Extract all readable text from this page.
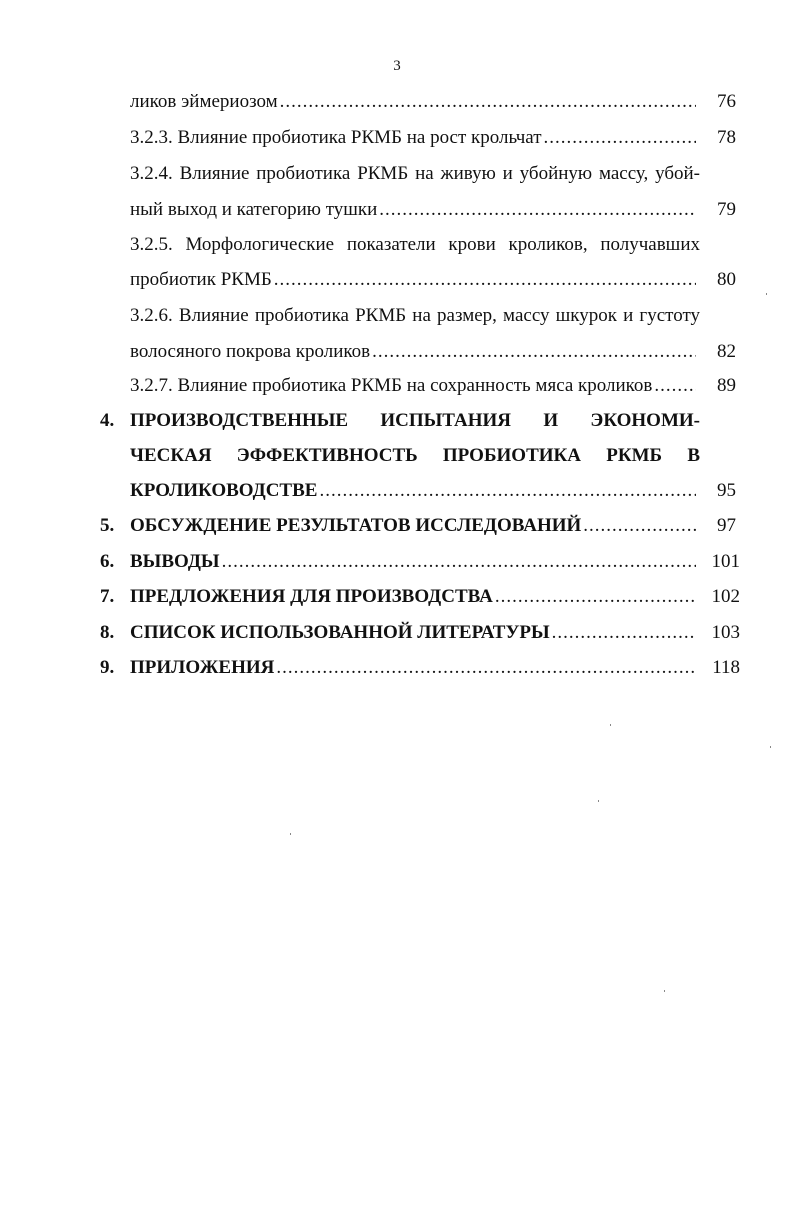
3
ликов эймериозом .....	76
3.2.3. Влияние пробиотика РКМБ на рост крольчат .....	78
3.2.4. Влияние пробиотика РКМБ на живую и убойную массу, убой-
ный выход и категорию тушки .....	79
3.2.5. Морфологические показатели крови кроликов, получавших
пробиотик РКМБ .....	80
3.2.6. Влияние пробиотика РКМБ на размер, массу шкурок и густоту
волосяного покрова кроликов .....	82
3.2.7. Влияние пробиотика РКМБ на сохранность мяса кроликов .....	89
4. ПРОИЗВОДСТВЕННЫЕ ИСПЫТАНИЯ И ЭКОНОМИ-
ЧЕСКАЯ ЭФФЕКТИВНОСТЬ ПРОБИОТИКА РКМБ В
КРОЛИКОВОДСТВЕ .....	95
5. ОБСУЖДЕНИЕ РЕЗУЛЬТАТОВ ИССЛЕДОВАНИЙ .....	97
6. ВЫВОДЫ .....	101
7. ПРЕДЛОЖЕНИЯ ДЛЯ ПРОИЗВОДСТВА .....	102
8. СПИСОК ИСПОЛЬЗОВАННОЙ ЛИТЕРАТУРЫ .....	103
9. ПРИЛОЖЕНИЯ .....	118
